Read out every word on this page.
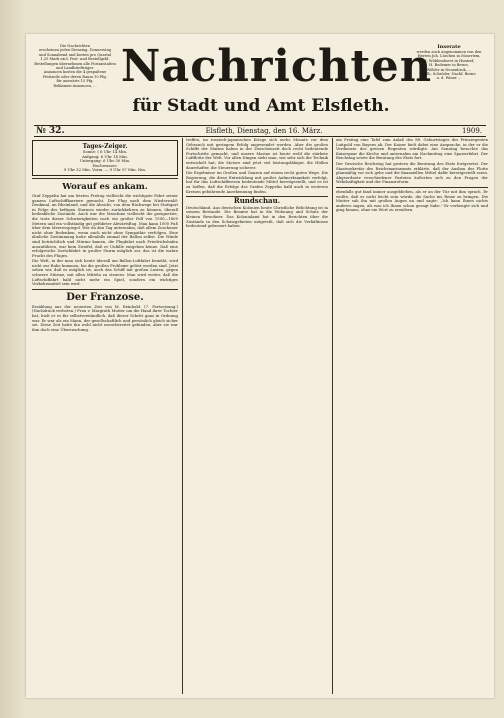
Die Nachrichten
erscheinen jeden Dienstag, Donnerstag
und Sonnabend und kosten pro Quartal
1,25 Mark excl. Post- und Bestellgeld.
Bestellungen übernehmen alle Postanstalten und Landbriefträger.
Annoncen kosten die 4 gespaltene
Petitzeile oder deren Raum 10 Pfg.
für auswärts 15 Pfg.
Reklamen-Annoncen, ... Nachrichten
für Stadt und Amt Elsfleth.
Inserate
werden auch angenommen von den
Herren Joh. Lüschen in Moorriem,
H. Wübbenhorst in Huntorf,
H. Bodemer in Berne,
Wöhler in Neuenbrok, ...
Wilh. Schröder, Nachf. Berne
a. d. Weser ...
№ 32.	Elsfleth, Dienstag, den 16. März.	1909.

Tages-Zeiger.

Sonne: ( 6 Uhr 14 Min.
Aufgang: 6 Uhr 14 Min.
Untergang: 6 Uhr 30 Min.
Hochwasser:
9 Uhr 32 Min. Vorm. — 9 Uhr 57 Min. Nm.
Worauf es ankam.

Graf Zeppelin hat am letzten Freitag vielleicht die wichtigste Fahrt seiner ganzen Luftschiffkarriere gemacht. Der Flug nach dem Niederwald-Denkmal, im Rheinland, und die Absicht, von dem Rückwege bei Stuttgart in Folge des heftigen Sturmes wieder zurückkehren zu können, überall bedenkliche Zustände. Auch war die Maschine vielleicht die geeignetste, die trotz dieser Schwierigkeiten noch ein großer Fall von 1500—1800 Metern und ein vollständig gut geführter Abwärtsflug. Man kann 1000 Fuß über dem Meeresspiegel. Wer da den Tag unternahm, daß allem Zuschauer nicht ohne Bedenken, wenn auch nicht ohne Sympathie verfolgen. Eine ähnliche Zustimmung hatte allenfalls einmal der Ballon selbst. Die Winde sind beträchtlich und Stürme kamen, die Flugfahrt nach Friedrichshafen auszuführen, war kein Zweifel, daß er Unfälle entgehen könne. Daß eine erfolgreiche Zurückfahrt in großer Sturm möglich sei, das ist die wahre Frucht des Fluges.

Die Welt, in der man sich heute überall um Ballon-Luftfahrt bemüht, wird nicht zur Ruhe kommen, bis die großen Probleme gelöst worden sind. Jetzt sehen wir, daß es möglich ist, auch das Schiff mit großen Lasten, gegen schwere Stürme, mit allen Mitteln zu steuern. Man wird weiter, daß die Luftschiffahrt bald nicht mehr ein Spiel, sondern ein wichtiges Verkehrsmittel sein wird.

Der Franzose.

Erzählung aus der neuesten Zeit von M. Reinhold. (7. Fortsetzung.) (Nachdruck verboten.) Frau v. Margrath Mutter um die Hand ihrer Tochter bat, hielt er es für selbstverständlich, daß dieser Schritt ganz in Ordnung war. Er war als ein Mann, der gesellschaftlich und persönlich gleich sicher sei. Diese Zeit hatte ihn wohl nicht unvorbereitet gefunden, aber sie war ihm doch eine Überraschung.

treffen, im russisch-japanischen Kriege sich sechs Monate vor dem Gebrauch mit geringem Erfolg angewendet worden. Aber die großen Schiffe der Marine haben in der Zwischenzeit doch recht bedeutende Fortschritte gemacht, und unsere Marine ist heute wohl die stärkste Luftflotte der Welt. Vor allen Dingen sieht man, wie sehr sich die Technik entwickelt hat; die Motore sind jetzt viel leistungsfähiger, die Hüllen dauerhafter, die Steuerung sicherer.

Die Ergebnisse im Großen und Ganzen auf einem recht guten Wege. Die Regierung, die diese Entwicklung mit großer Aufmerksamkeit verfolgt, hat für das Luftschiffwesen bedeutende Mittel bereitgestellt, und es ist zu hoffen, daß die Erfolge des Grafen Zeppelin bald auch in weiteren Kreisen gebührende Anerkennung finden.

Rundschau.

Deutschland. Aus deutschen Kolonien heute Christliche Belichtung ist in seinem Bestande. Die Beamte hat in die Wohnung und Schutz der kleinen Bewohner. Das Kolonialamt hat in den Berichten über die Zustände in den Schutzgebieten mitgeteilt, daß sich die Verhältnisse bedeutend gebessert haben.

am Freitag eine Tafel zum Anlaß des 88. Geburtstages des Prinzregenten Luitpold von Bayern ab. Der Kaiser hielt dabei eine Ansprache, in der er die Verdienste des greisen Regenten würdigte. Am Sonntag besuchte das Kaiserpaar die Kirche und unternahm am Nachmittag eine Spazierfahrt. Der Reichstag setzte die Beratung des Etats fort.

Der Deutsche Reichstag hat gestern die Beratung des Etats fortgesetzt. Der Staatssekretär des Reichsmarineamts erklärte, daß der Ausbau der Flotte planmäßig vor sich gehe und die finanziellen Mittel dafür bereitgestellt seien. Abgeordnete verschiedener Parteien äußerten sich zu den Fragen der Wehrhaftigkeit und der Finanzreform.

ebenfalls gut fand immer ausgeblieben, als er an der Tür mit ihm sprach. Er wußte, daß es nicht leicht sein würde, die Sache ins Reine zu bringen. Die Mutter sah ihn mit großen Augen an und sagte: „Ich kann Ihnen nichts anderes sagen, als was ich Ihnen schon gesagt habe." Er verbeugte sich und ging hinaus, ohne ein Wort zu erwidern.
